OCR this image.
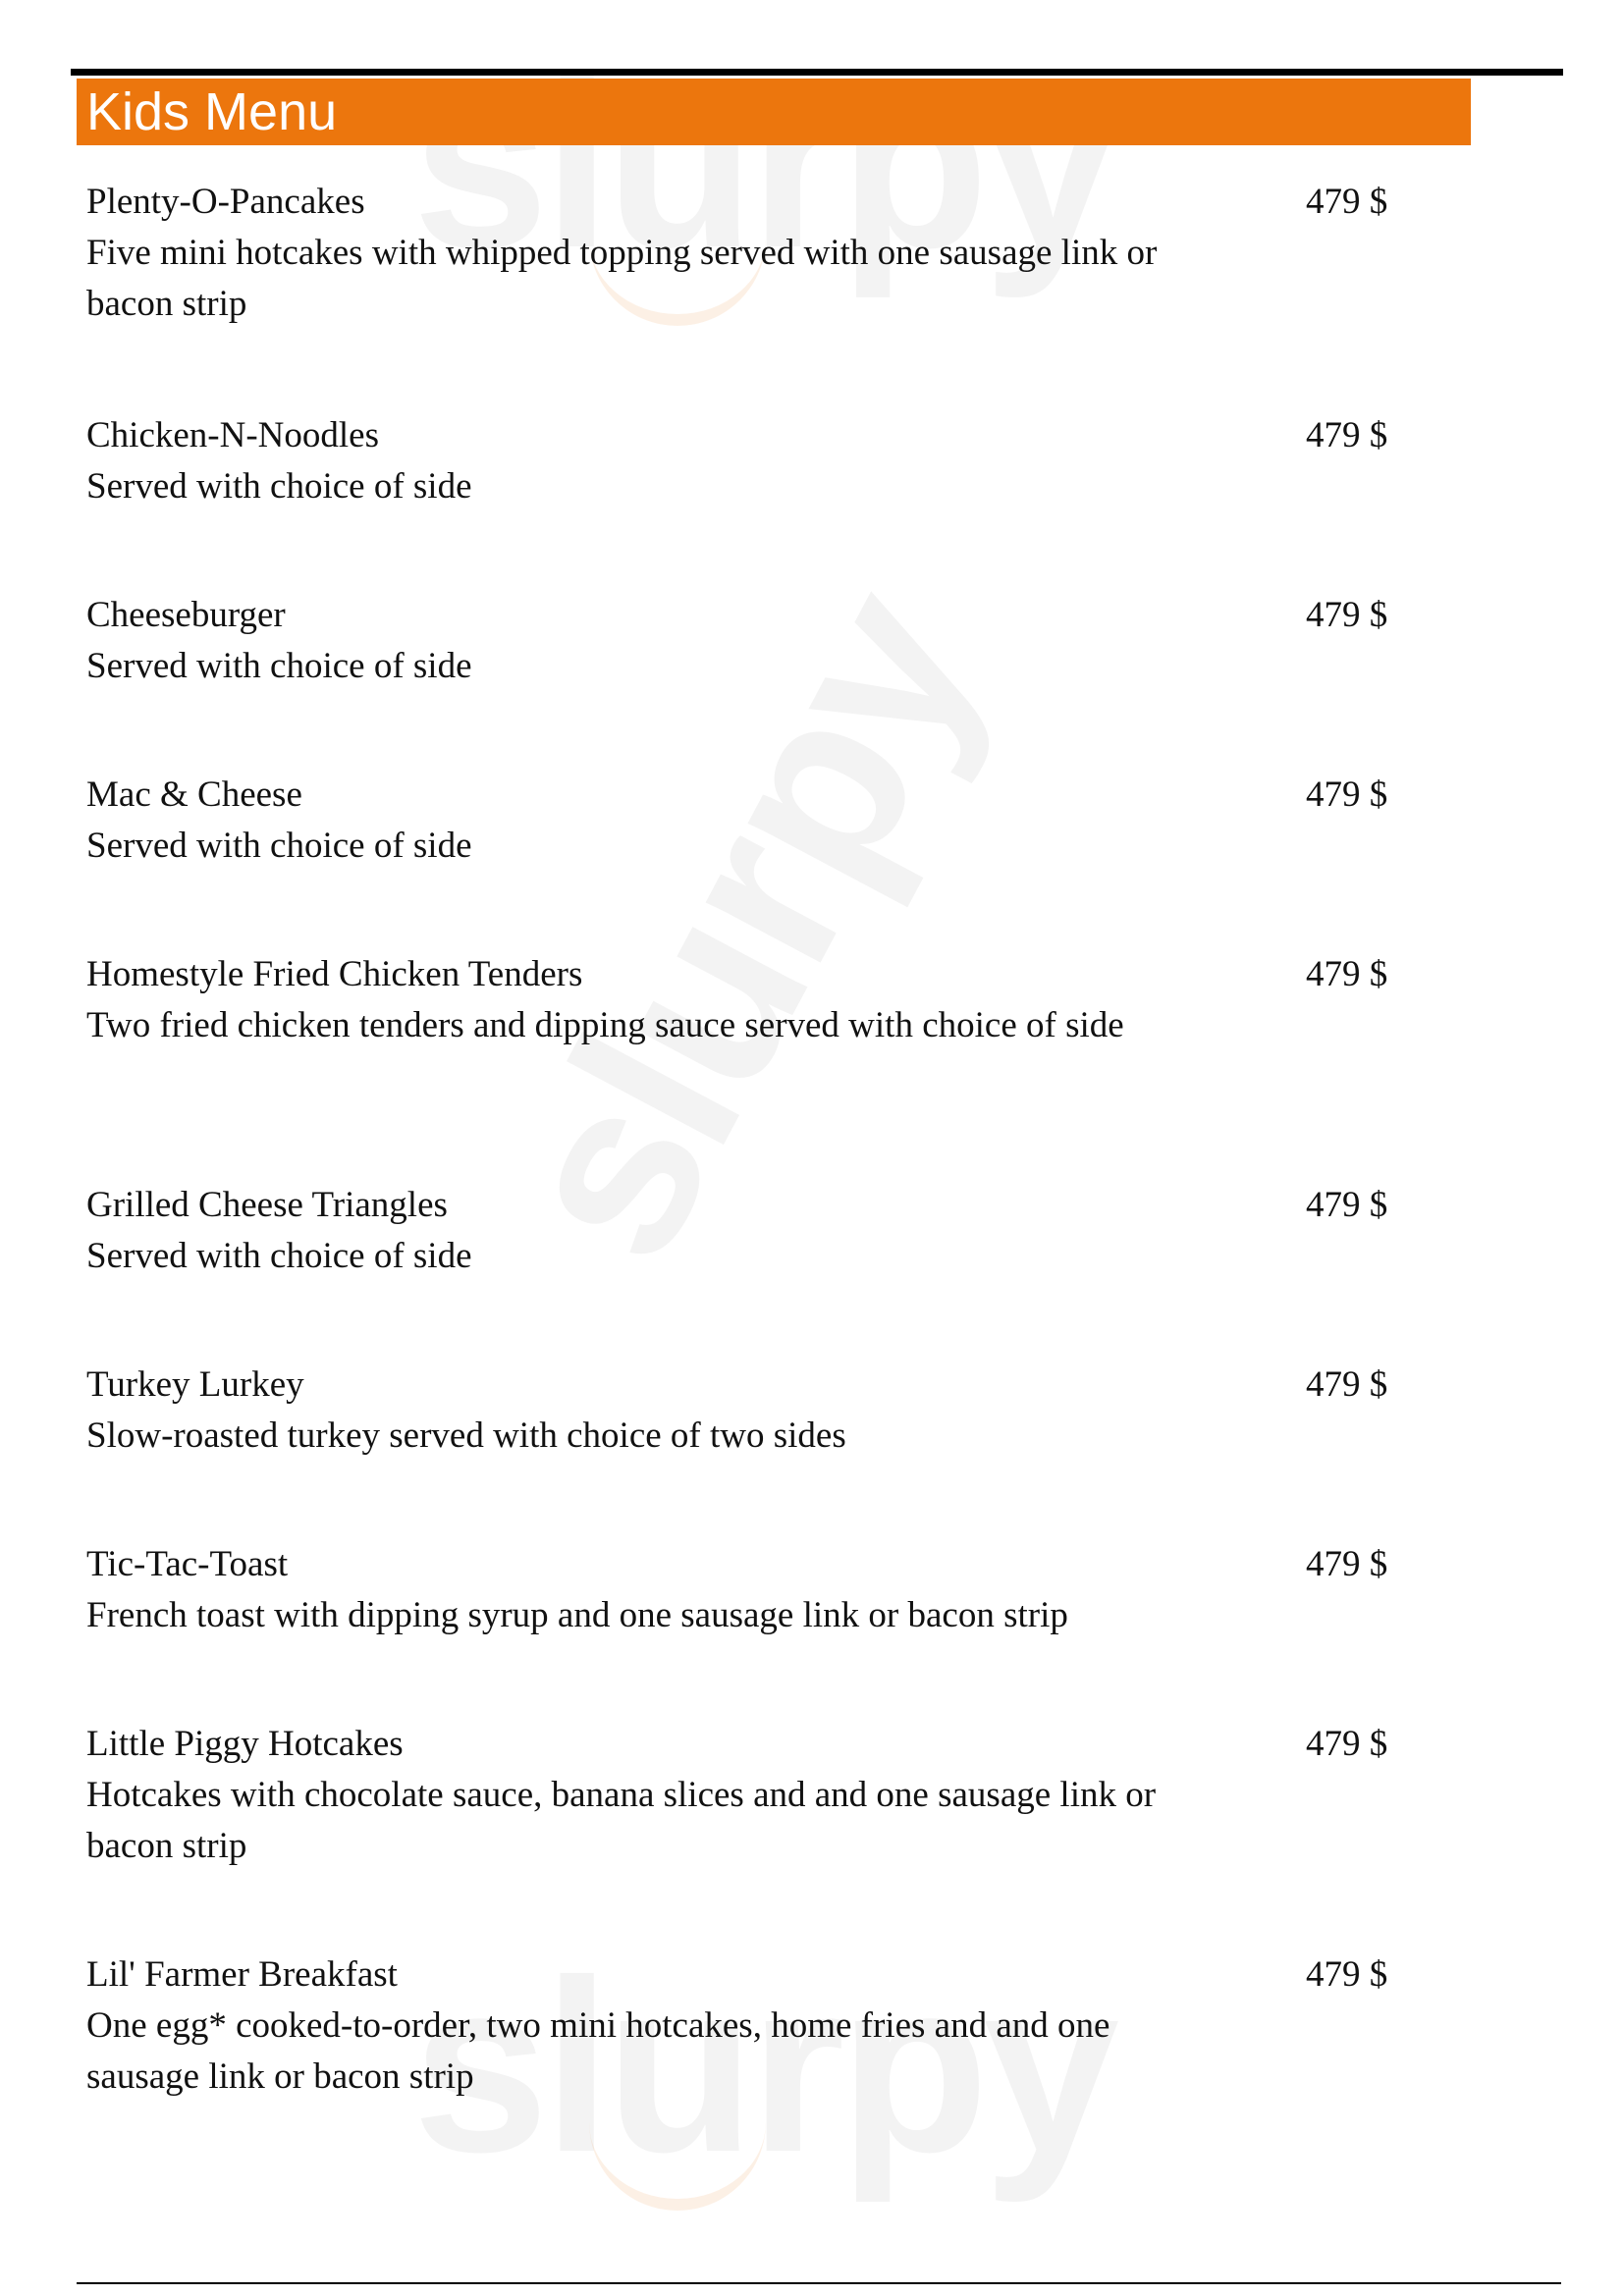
Kids Menu
Plenty-O-Pancakes
Five mini hotcakes with whipped topping served with one sausage link or bacon strip
479 $
Chicken-N-Noodles
Served with choice of side
479 $
Cheeseburger
Served with choice of side
479 $
Mac & Cheese
Served with choice of side
479 $
Homestyle Fried Chicken Tenders
Two fried chicken tenders and dipping sauce served with choice of side
479 $
Grilled Cheese Triangles
Served with choice of side
479 $
Turkey Lurkey
Slow-roasted turkey served with choice of two sides
479 $
Tic-Tac-Toast
French toast with dipping syrup and one sausage link or bacon strip
479 $
Little Piggy Hotcakes
Hotcakes with chocolate sauce, banana slices and and one sausage link or bacon strip
479 $
Lil' Farmer Breakfast
One egg* cooked-to-order, two mini hotcakes, home fries and and one sausage link or bacon strip
479 $
